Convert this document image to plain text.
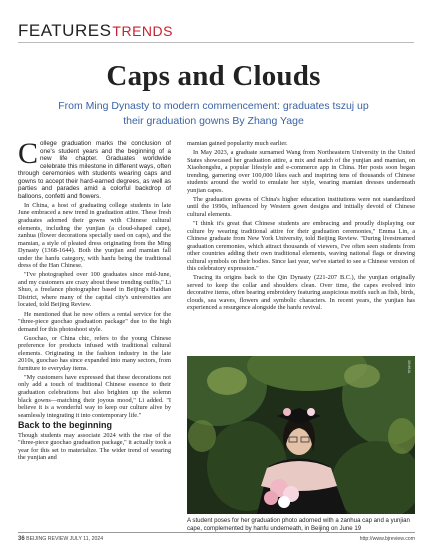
FEATURESTRENDS
Caps and Clouds
From Ming Dynasty to modern commencement: graduates tszuj up their graduation gowns By Zhang Yage

College graduation marks the conclusion of one's student years and the beginning of a new life chapter. Graduates worldwide celebrate this milestone in different ways, often through ceremonies with students wearing caps and gowns to accept their hard-earned degrees, as well as parties and parades amid a colorful backdrop of balloons, confetti and flowers.

In China, a host of graduating college students in late June embraced a new trend in graduation attire. These fresh graduates adorned their gowns with Chinese cultural elements, including the yunjian (a cloud-shaped cape), zanhua (flower decorations specially used on caps), and the mamian, a style of pleated dress originating from the Ming Dynasty (1368-1644). Both the yunjian and mamian fall under the hanfu category, with hanfu being the traditional dress of the Han Chinese.

"I've photographed over 100 graduates since mid-June, and my customers are crazy about these trending outfits," Li Shuo, a freelance photographer based in Beijing's Haidian District, where many of the capital city's universities are located, told Beijing Review.

He mentioned that he now offers a rental service for the "three-piece guochao graduation package" due to the high demand for this photoshoot style.

Guochao, or China chic, refers to the young Chinese preference for products infused with traditional cultural elements. Originating in the fashion industry in the late 2010s, guochao has since expanded into many sectors, from furniture to everyday items.

"My customers have expressed that these decorations not only add a touch of traditional Chinese essence to their graduation celebrations but also brighten up the solemn black gowns—matching their joyous mood," Li added. "I believe it is a wonderful way to keep our culture alive by seamlessly integrating it into contemporary life."

Back to the beginning

Though students may associate 2024 with the rise of the "three-piece guochao graduation package," it actually took a year for this set to materialize. The wider trend of wearing the yunjian and

mamian gained popularity much earlier.

In May 2023, a graduate surnamed Wang from Northeastern University in the United States showcased her graduation attire, a mix and match of the yunjian and mamian, on Xiaohongshu, a popular lifestyle and e-commerce app in China. Her posts soon began trending, garnering over 100,000 likes each and inspiring tens of thousands of Chinese students around the world to emulate her style, wearing mamian dresses underneath yunjian capes.

The graduation gowns of China's higher education institutions were not standardized until the 1990s, influenced by Western gown designs and initially devoid of Chinese cultural elements.

"I think it's great that Chinese students are embracing and proudly displaying our culture by wearing traditional attire for their graduation ceremonies," Emma Lin, a Chinese graduate from New York University, told Beijing Review. "During livestreamed graduation ceremonies, which attract thousands of viewers, I've often seen students from other countries adding their own traditional elements, waving national flags or drawing cultural symbols on their bodies. Since last year, we've started to see a Chinese version of this celebratory expression."

Tracing its origins back to the Qin Dynasty (221-207 B.C.), the yunjian originally served to keep the collar and shoulders clean. Over time, the capes evolved into decorative items, often bearing embroidery featuring auspicious motifs such as fish, birds, clouds, sea waves, flowers and symbolic characters. In recent years, the yunjian has experienced a resurgence alongside the hanfu revival.

XINHUA
A student poses for her graduation photo adorned with a zanhua cap and a yunjian cape, complemented by hanfu underneath, in Beijing on June 19
36 BEIJING REVIEW JULY 11, 2024	http://www.bjreview.com
